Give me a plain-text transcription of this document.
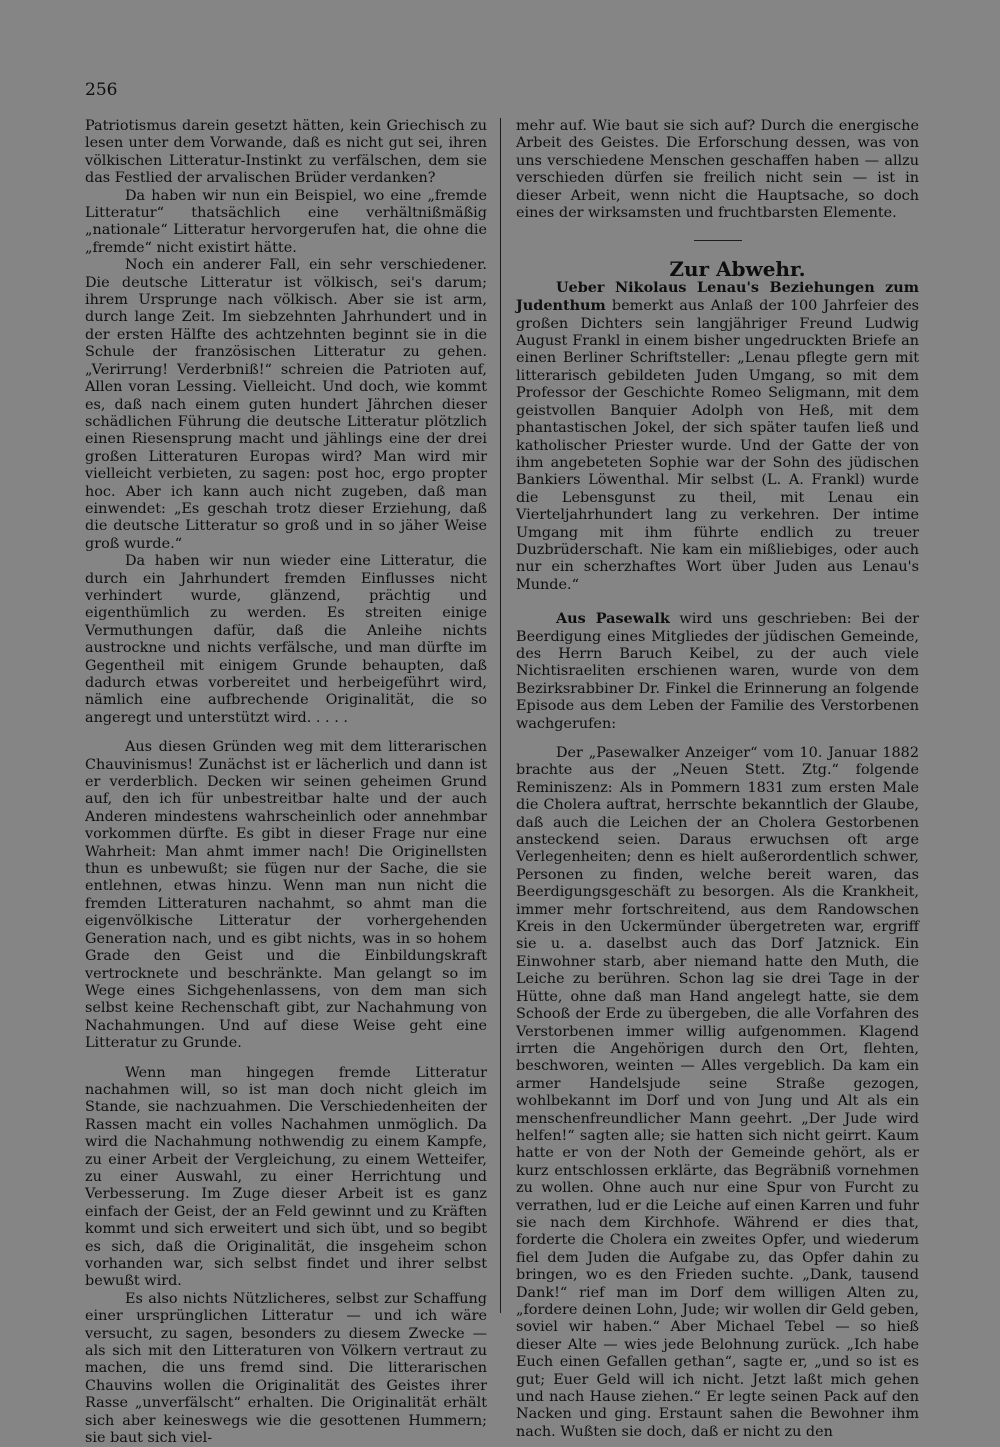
256

Patriotismus darein gesetzt hätten, kein Griechisch zu lesen unter dem Vorwande, daß es nicht gut sei, ihren völkischen Litteratur-Instinkt zu verfälschen, dem sie das Festlied der arvalischen Brüder verdanken?

Da haben wir nun ein Beispiel, wo eine „fremde Litteratur“ thatsächlich eine verhältnißmäßig „nationale“ Litteratur hervorgerufen hat, die ohne die „fremde“ nicht existirt hätte.

Noch ein anderer Fall, ein sehr verschiedener. Die deutsche Litteratur ist völkisch, sei's darum; ihrem Ursprunge nach völkisch. Aber sie ist arm, durch lange Zeit. Im siebzehnten Jahrhundert und in der ersten Hälfte des achtzehnten beginnt sie in die Schule der französischen Litteratur zu gehen. „Verirrung! Verderbniß!“ schreien die Patrioten auf, Allen voran Lessing. Vielleicht. Und doch, wie kommt es, daß nach einem guten hundert Jährchen dieser schädlichen Führung die deutsche Litteratur plötzlich einen Riesensprung macht und jählings eine der drei großen Litteraturen Europas wird? Man wird mir vielleicht verbieten, zu sagen: post hoc, ergo propter hoc. Aber ich kann auch nicht zugeben, daß man einwendet: „Es geschah trotz dieser Erziehung, daß die deutsche Litteratur so groß und in so jäher Weise groß wurde.“

Da haben wir nun wieder eine Litteratur, die durch ein Jahrhundert fremden Einflusses nicht verhindert wurde, glänzend, prächtig und eigenthümlich zu werden. Es streiten einige Vermuthungen dafür, daß die Anleihe nichts austrockne und nichts verfälsche, und man dürfte im Gegentheil mit einigem Grunde behaupten, daß dadurch etwas vorbereitet und herbeigeführt wird, nämlich eine aufbrechende Originalität, die so angeregt und unterstützt wird. . . . .

Aus diesen Gründen weg mit dem litterarischen Chauvinismus! Zunächst ist er lächerlich und dann ist er verderblich. Decken wir seinen geheimen Grund auf, den ich für unbestreitbar halte und der auch Anderen mindestens wahrscheinlich oder annehmbar vorkommen dürfte. Es gibt in dieser Frage nur eine Wahrheit: Man ahmt immer nach! Die Originellsten thun es unbewußt; sie fügen nur der Sache, die sie entlehnen, etwas hinzu. Wenn man nun nicht die fremden Litteraturen nachahmt, so ahmt man die eigenvölkische Litteratur der vorhergehenden Generation nach, und es gibt nichts, was in so hohem Grade den Geist und die Einbildungskraft vertrocknete und beschränkte. Man gelangt so im Wege eines Sichgehenlassens, von dem man sich selbst keine Rechenschaft gibt, zur Nachahmung von Nachahmungen. Und auf diese Weise geht eine Litteratur zu Grunde.

Wenn man hingegen fremde Litteratur nachahmen will, so ist man doch nicht gleich im Stande, sie nachzuahmen. Die Verschiedenheiten der Rassen macht ein volles Nachahmen unmöglich. Da wird die Nachahmung nothwendig zu einem Kampfe, zu einer Arbeit der Vergleichung, zu einem Wetteifer, zu einer Auswahl, zu einer Herrichtung und Verbesserung. Im Zuge dieser Arbeit ist es ganz einfach der Geist, der an Feld gewinnt und zu Kräften kommt und sich erweitert und sich übt, und so begibt es sich, daß die Originalität, die insgeheim schon vorhanden war, sich selbst findet und ihrer selbst bewußt wird.

Es also nichts Nützlicheres, selbst zur Schaffung einer ursprünglichen Litteratur — und ich wäre versucht, zu sagen, besonders zu diesem Zwecke — als sich mit den Litteraturen von Völkern vertraut zu machen, die uns fremd sind. Die litterarischen Chauvins wollen die Originalität des Geistes ihrer Rasse „unverfälscht“ erhalten. Die Originalität erhält sich aber keineswegs wie die gesottenen Hummern; sie baut sich viel-

mehr auf. Wie baut sie sich auf? Durch die energische Arbeit des Geistes. Die Erforschung dessen, was von uns verschiedene Menschen geschaffen haben — allzu verschieden dürfen sie freilich nicht sein — ist in dieser Arbeit, wenn nicht die Hauptsache, so doch eines der wirksamsten und fruchtbarsten Elemente.

Zur Abwehr.

Ueber Nikolaus Lenau's Beziehungen zum Judenthum bemerkt aus Anlaß der 100 Jahrfeier des großen Dichters sein langjähriger Freund Ludwig August Frankl in einem bisher ungedruckten Briefe an einen Berliner Schriftsteller: „Lenau pflegte gern mit litterarisch gebildeten Juden Umgang, so mit dem Professor der Geschichte Romeo Seligmann, mit dem geistvollen Banquier Adolph von Heß, mit dem phantastischen Jokel, der sich später taufen ließ und katholischer Priester wurde. Und der Gatte der von ihm angebeteten Sophie war der Sohn des jüdischen Bankiers Löwenthal. Mir selbst (L. A. Frankl) wurde die Lebensgunst zu theil, mit Lenau ein Vierteljahrhundert lang zu verkehren. Der intime Umgang mit ihm führte endlich zu treuer Duzbrüderschaft. Nie kam ein mißliebiges, oder auch nur ein scherzhaftes Wort über Juden aus Lenau's Munde.“

Aus Pasewalk wird uns geschrieben: Bei der Beerdigung eines Mitgliedes der jüdischen Gemeinde, des Herrn Baruch Keibel, zu der auch viele Nichtisraeliten erschienen waren, wurde von dem Bezirksrabbiner Dr. Finkel die Erinnerung an folgende Episode aus dem Leben der Familie des Verstorbenen wachgerufen:

Der „Pasewalker Anzeiger“ vom 10. Januar 1882 brachte aus der „Neuen Stett. Ztg.“ folgende Reminiszenz: Als in Pommern 1831 zum ersten Male die Cholera auftrat, herrschte bekanntlich der Glaube, daß auch die Leichen der an Cholera Gestorbenen ansteckend seien. Daraus erwuchsen oft arge Verlegenheiten; denn es hielt außerordentlich schwer, Personen zu finden, welche bereit waren, das Beerdigungsgeschäft zu besorgen. Als die Krankheit, immer mehr fortschreitend, aus dem Randowschen Kreis in den Uckermünder übergetreten war, ergriff sie u. a. daselbst auch das Dorf Jatznick. Ein Einwohner starb, aber niemand hatte den Muth, die Leiche zu berühren. Schon lag sie drei Tage in der Hütte, ohne daß man Hand angelegt hatte, sie dem Schooß der Erde zu übergeben, die alle Vorfahren des Verstorbenen immer willig aufgenommen. Klagend irrten die Angehörigen durch den Ort, flehten, beschworen, weinten — Alles vergeblich. Da kam ein armer Handelsjude seine Straße gezogen, wohlbekannt im Dorf und von Jung und Alt als ein menschenfreundlicher Mann geehrt. „Der Jude wird helfen!“ sagten alle; sie hatten sich nicht geirrt. Kaum hatte er von der Noth der Gemeinde gehört, als er kurz entschlossen erklärte, das Begräbniß vornehmen zu wollen. Ohne auch nur eine Spur von Furcht zu verrathen, lud er die Leiche auf einen Karren und fuhr sie nach dem Kirchhofe. Während er dies that, forderte die Cholera ein zweites Opfer, und wiederum fiel dem Juden die Aufgabe zu, das Opfer dahin zu bringen, wo es den Frieden suchte. „Dank, tausend Dank!“ rief man im Dorf dem willigen Alten zu, „fordere deinen Lohn, Jude; wir wollen dir Geld geben, soviel wir haben.“ Aber Michael Tebel — so hieß dieser Alte — wies jede Belohnung zurück. „Ich habe Euch einen Gefallen gethan“, sagte er, „und so ist es gut; Euer Geld will ich nicht. Jetzt laßt mich gehen und nach Hause ziehen.“ Er legte seinen Pack auf den Nacken und ging. Erstaunt sahen die Bewohner ihm nach. Wußten sie doch, daß er nicht zu den
